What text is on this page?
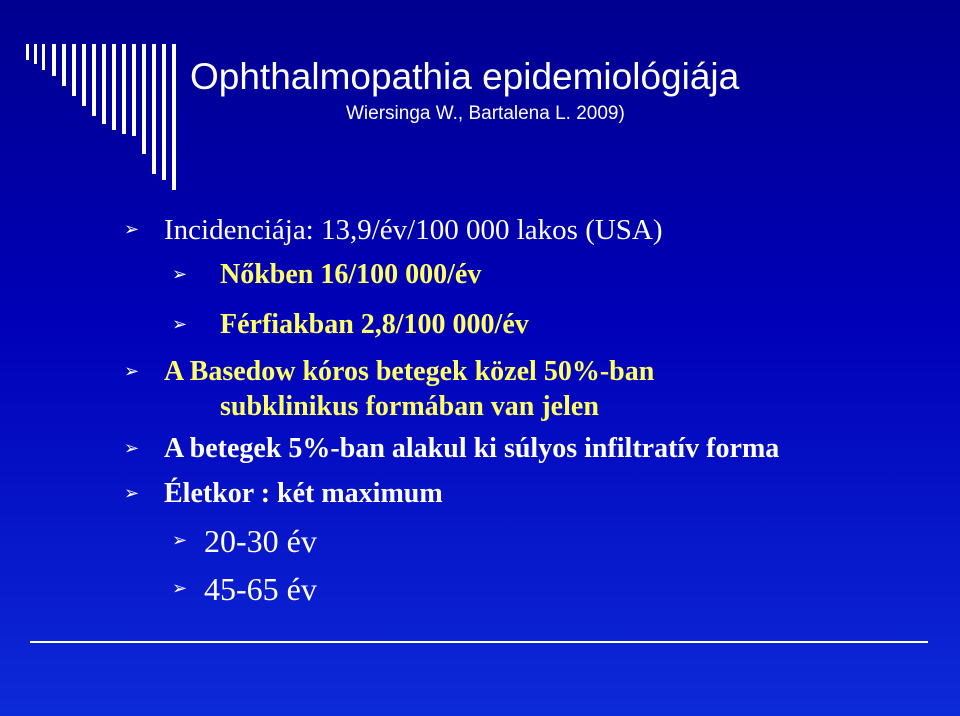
Ophthalmopathia epidemiológiája
Wiersinga W., Bartalena L. 2009)
➢ Incidenciája: 13,9/év/100 000 lakos (USA)
➢ Nőkben 16/100 000/év
➢ Férfiakban 2,8/100 000/év
➢ A Basedow kóros betegek közel 50%-ban
subklinikus formában van jelen
➢ A betegek 5%-ban alakul ki súlyos infiltratív forma
➢ Életkor : két maximum
➢ 20-30 év
➢ 45-65 év
